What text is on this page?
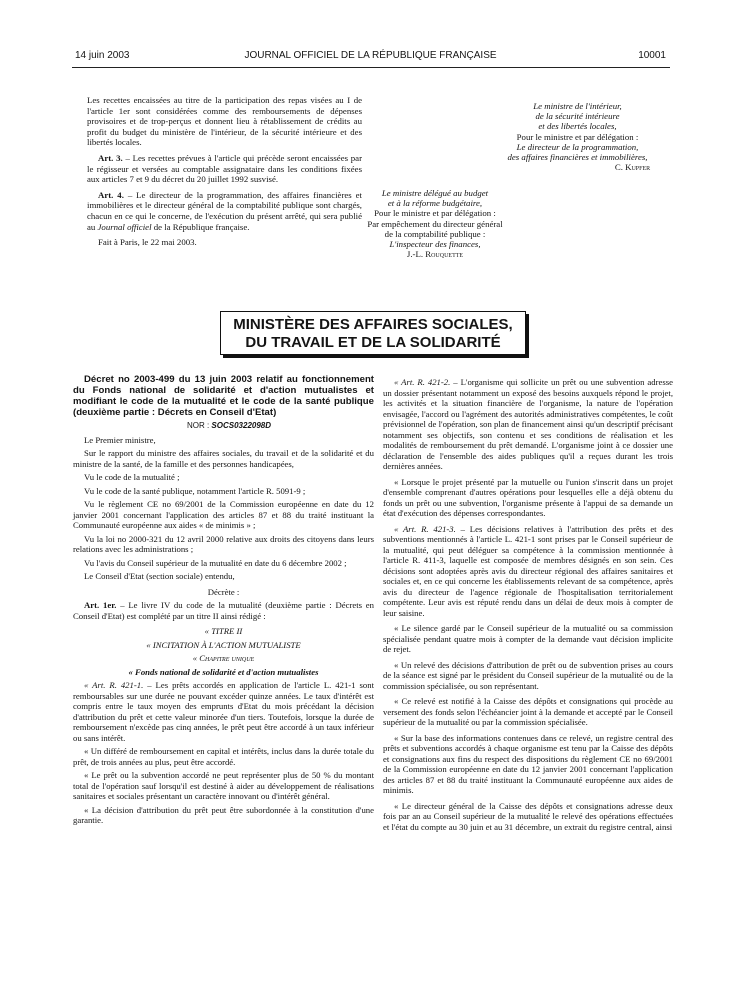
14 juin 2003	JOURNAL OFFICIEL DE LA RÉPUBLIQUE FRANÇAISE	10001

Les recettes encaissées au titre de la participation des repas visées au I de l'article 1er sont considérées comme des remboursements de dépenses provisoires et de trop-perçus et donnent lieu à rétablissement de crédits au profit du budget du ministère de l'intérieur, de la sécurité intérieure et des libertés locales.

Art. 3. – Les recettes prévues à l'article qui précède seront encaissées par le régisseur et versées au comptable assignataire dans les conditions fixées aux articles 7 et 9 du décret du 20 juillet 1992 susvisé.

Art. 4. – Le directeur de la programmation, des affaires financières et immobilières et le directeur général de la comptabilité publique sont chargés, chacun en ce qui le concerne, de l'exécution du présent arrêté, qui sera publié au Journal officiel de la République française.

Fait à Paris, le 22 mai 2003.

Le ministre de l'intérieur,
de la sécurité intérieure
et des libertés locales,
Pour le ministre et par délégation :
Le directeur de la programmation,
des affaires financières et immobilières,
C. Kupfer
Le ministre délégué au budget
et à la réforme budgétaire,
Pour le ministre et par délégation :
Par empêchement du directeur général
de la comptabilité publique :
L'inspecteur des finances,
J.-L. Rouquette
MINISTÈRE DES AFFAIRES SOCIALES,
DU TRAVAIL ET DE LA SOLIDARITÉ

Décret no 2003-499 du 13 juin 2003 relatif au fonctionnement du Fonds national de solidarité et d'action mutualistes et modifiant le code de la mutualité et le code de la santé publique (deuxième partie : Décrets en Conseil d'Etat)

NOR : SOCS0322098D

Le Premier ministre,

Sur le rapport du ministre des affaires sociales, du travail et de la solidarité et du ministre de la santé, de la famille et des personnes handicapées,

Vu le code de la mutualité ;

Vu le code de la santé publique, notamment l'article R. 5091-9 ;

Vu le règlement CE no 69/2001 de la Commission européenne en date du 12 janvier 2001 concernant l'application des articles 87 et 88 du traité instituant la Communauté européenne aux aides « de minimis » ;

Vu la loi no 2000-321 du 12 avril 2000 relative aux droits des citoyens dans leurs relations avec les administrations ;

Vu l'avis du Conseil supérieur de la mutualité en date du 6 décembre 2002 ;

Le Conseil d'Etat (section sociale) entendu,

Décrète :

Art. 1er. – Le livre IV du code de la mutualité (deuxième partie : Décrets en Conseil d'Etat) est complété par un titre II ainsi rédigé :

« TITRE II

« INCITATION À L'ACTION MUTUALISTE

« Chapitre unique

« Fonds national de solidarité et d'action mutualistes

« Art. R. 421-1. – Les prêts accordés en application de l'article L. 421-1 sont remboursables sur une durée ne pouvant excéder quinze années. Le taux d'intérêt est compris entre le taux moyen des emprunts d'Etat du mois précédant la décision d'attribution du prêt et cette valeur minorée d'un tiers. Toutefois, lorsque la durée de remboursement n'excède pas cinq années, le prêt peut être accordé à un taux inférieur ou sans intérêt.

« Un différé de remboursement en capital et intérêts, inclus dans la durée totale du prêt, de trois années au plus, peut être accordé.

« Le prêt ou la subvention accordé ne peut représenter plus de 50 % du montant total de l'opération sauf lorsqu'il est destiné à aider au développement de réalisations sanitaires et sociales présentant un caractère innovant ou d'intérêt général.

« La décision d'attribution du prêt peut être subordonnée à la constitution d'une garantie.

« Art. R. 421-2. – L'organisme qui sollicite un prêt ou une subvention adresse un dossier présentant notamment un exposé des besoins auxquels répond le projet, les activités et la situation financière de l'organisme, la nature de l'opération envisagée, l'accord ou l'agrément des autorités administratives compétentes, le coût prévisionnel de l'opération, son plan de financement ainsi qu'un descriptif précisant notamment ses objectifs, son contenu et ses conditions de réalisation et les modalités de remboursement du prêt demandé. L'organisme joint à ce dossier une déclaration de l'ensemble des aides publiques qu'il a reçues durant les trois dernières années.

« Lorsque le projet présenté par la mutuelle ou l'union s'inscrit dans un projet d'ensemble comprenant d'autres opérations pour lesquelles elle a déjà obtenu du fonds un prêt ou une subvention, l'organisme présente à l'appui de sa demande un état d'exécution des dépenses correspondantes.

« Art. R. 421-3. – Les décisions relatives à l'attribution des prêts et des subventions mentionnés à l'article L. 421-1 sont prises par le Conseil supérieur de la mutualité, qui peut déléguer sa compétence à la commission mentionnée à l'article R. 411-3, laquelle est composée de membres désignés en son sein. Ces décisions sont adoptées après avis du directeur régional des affaires sanitaires et sociales et, en ce qui concerne les établissements relevant de sa compétence, après avis du directeur de l'agence régionale de l'hospitalisation territorialement compétente. Leur avis est réputé rendu dans un délai de deux mois à compter de leur saisine.

« Le silence gardé par le Conseil supérieur de la mutualité ou sa commission spécialisée pendant quatre mois à compter de la demande vaut décision implicite de rejet.

« Un relevé des décisions d'attribution de prêt ou de subvention prises au cours de la séance est signé par le président du Conseil supérieur de la mutualité ou de la commission spécialisée, ou son représentant.

« Ce relevé est notifié à la Caisse des dépôts et consignations qui procède au versement des fonds selon l'échéancier joint à la demande et accepté par le Conseil supérieur de la mutualité ou par la commission spécialisée.

« Sur la base des informations contenues dans ce relevé, un registre central des prêts et subventions accordés à chaque organisme est tenu par la Caisse des dépôts et consignations aux fins du respect des dispositions du règlement CE no 69/2001 de la Commission européenne en date du 12 janvier 2001 concernant l'application des articles 87 et 88 du traité instituant la Communauté européenne aux aides de minimis.

« Le directeur général de la Caisse des dépôts et consignations adresse deux fois par an au Conseil supérieur de la mutualité le relevé des opérations effectuées et l'état du compte au 30 juin et au 31 décembre, un extrait du registre central, ainsi
